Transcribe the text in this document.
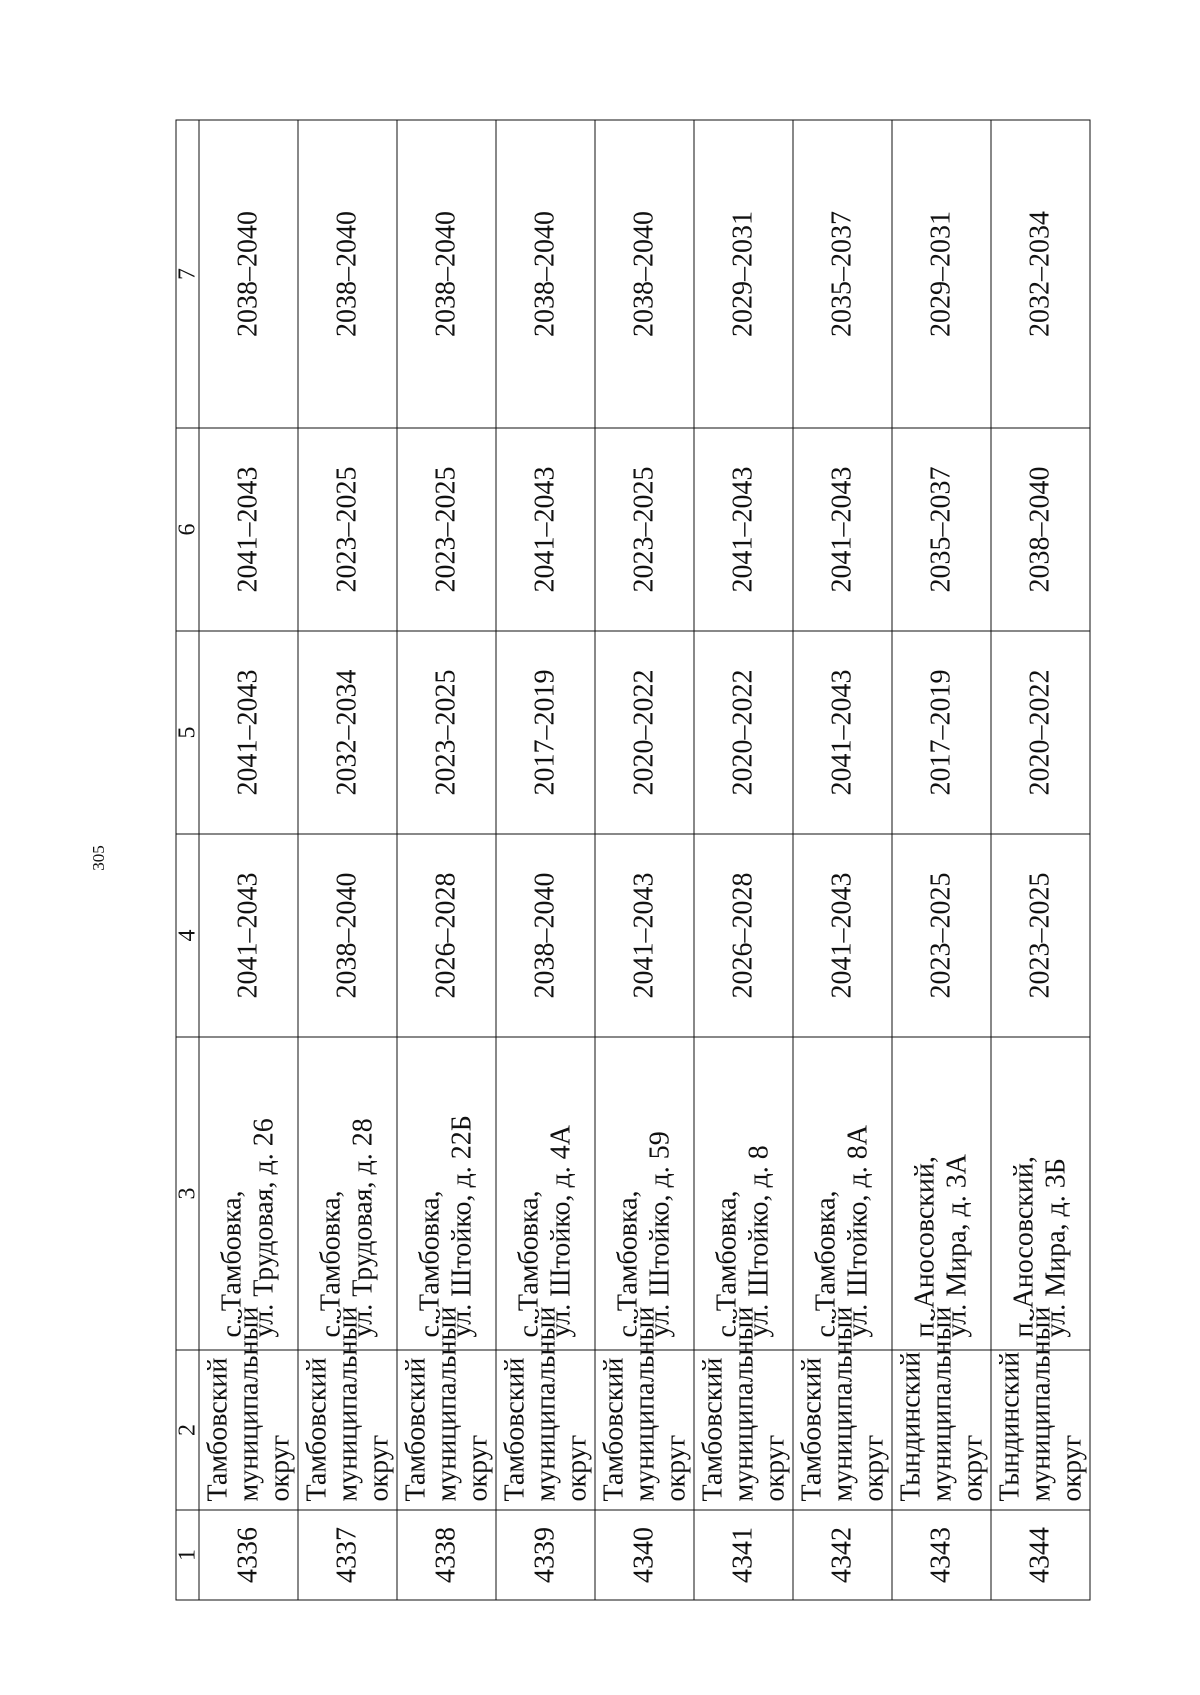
305
1	2	3	4	5	6	7
4336	Тамбовский муниципальный округ	с. Тамбовка, ул. Трудовая, д. 26	2041–2043	2041–2043	2041–2043	2038–2040
4337	Тамбовский муниципальный округ	с. Тамбовка, ул. Трудовая, д. 28	2038–2040	2032–2034	2023–2025	2038–2040
4338	Тамбовский муниципальный округ	с. Тамбовка, ул. Штойко, д. 22Б	2026–2028	2023–2025	2023–2025	2038–2040
4339	Тамбовский муниципальный округ	с. Тамбовка, ул. Штойко, д. 4А	2038–2040	2017–2019	2041–2043	2038–2040
4340	Тамбовский муниципальный округ	с. Тамбовка, ул. Штойко, д. 59	2041–2043	2020–2022	2023–2025	2038–2040
4341	Тамбовский муниципальный округ	с. Тамбовка, ул. Штойко, д. 8	2026–2028	2020–2022	2041–2043	2029–2031
4342	Тамбовский муниципальный округ	с. Тамбовка, ул. Штойко, д. 8А	2041–2043	2041–2043	2041–2043	2035–2037
4343	Тындинский муниципальный округ	п. Аносовский, ул. Мира, д. 3А	2023–2025	2017–2019	2035–2037	2029–2031
4344	Тындинский муниципальный округ	п. Аносовский, ул. Мира, д. 3Б	2023–2025	2020–2022	2038–2040	2032–2034
